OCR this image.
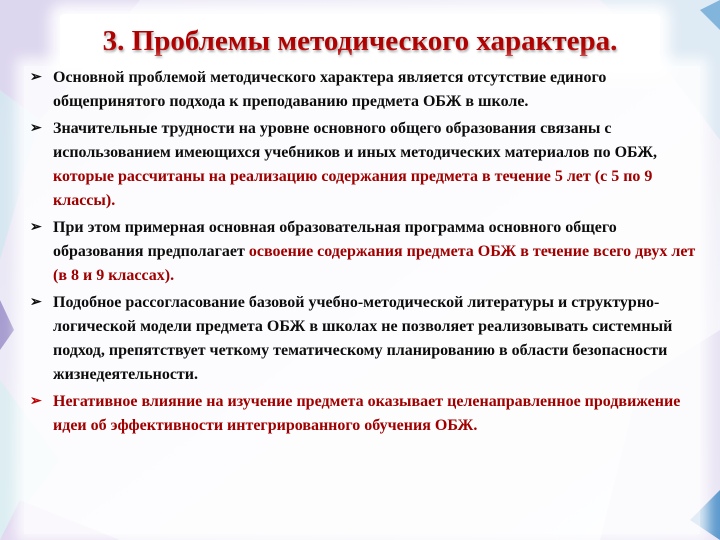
3. Проблемы методического характера.
➢ Основной проблемой методического характера является отсутствие единого общепринятого подхода к преподаванию предмета ОБЖ в школе.
➢ Значительные трудности на уровне основного общего образования связаны с использованием имеющихся учебников и иных методических материалов по ОБЖ, которые рассчитаны на реализацию содержания предмета в течение 5 лет (с 5 по 9 классы).
➢ При этом примерная основная образовательная программа основного общего образования предполагает освоение содержания предмета ОБЖ в течение всего двух лет (в 8 и 9 классах).
➢ Подобное рассогласование базовой учебно-методической литературы и структурно-логической модели предмета ОБЖ в школах не позволяет реализовывать системный подход, препятствует четкому тематическому планированию в области безопасности жизнедеятельности.
➢ Негативное влияние на изучение предмета оказывает целенаправленное продвижение идеи об эффективности интегрированного обучения ОБЖ.
